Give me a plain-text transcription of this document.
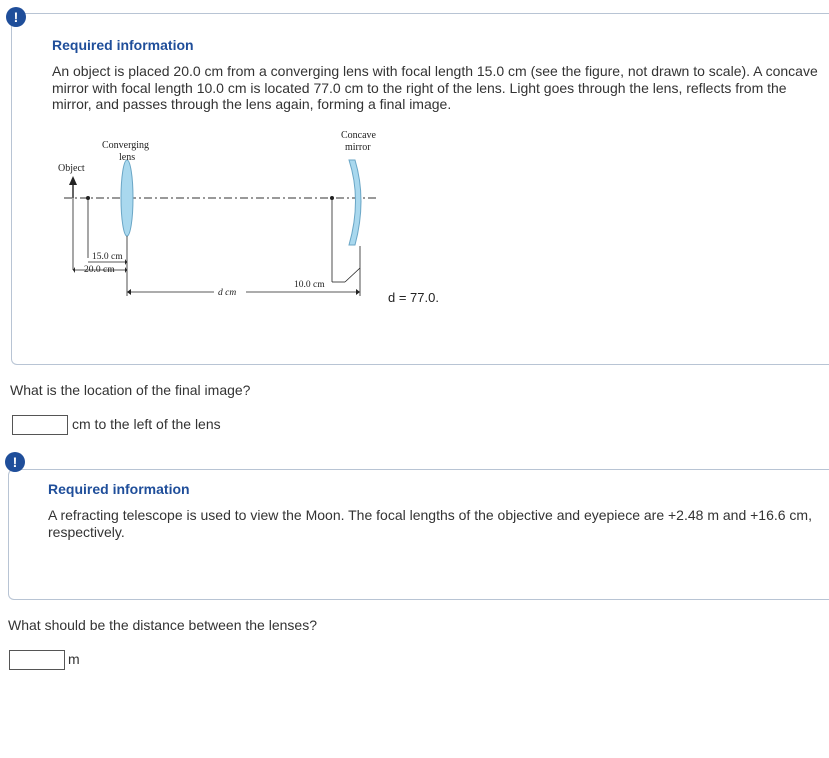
!
Required information
An object is placed 20.0 cm from a converging lens with focal length 15.0 cm (see the figure, not drawn to scale). A concave mirror with focal length 10.0 cm is located 77.0 cm to the right of the lens. Light goes through the lens, reflects from the mirror, and passes through the lens again, forming a final image.
Object
Converging
lens
Concave
mirror
15.0 cm
20.0 cm
d cm
10.0 cm
d = 77.0.
What is the location of the final image?
cm to the left of the lens
!
Required information
A refracting telescope is used to view the Moon. The focal lengths of the objective and eyepiece are +2.48 m and +16.6 cm, respectively.
What should be the distance between the lenses?
m
